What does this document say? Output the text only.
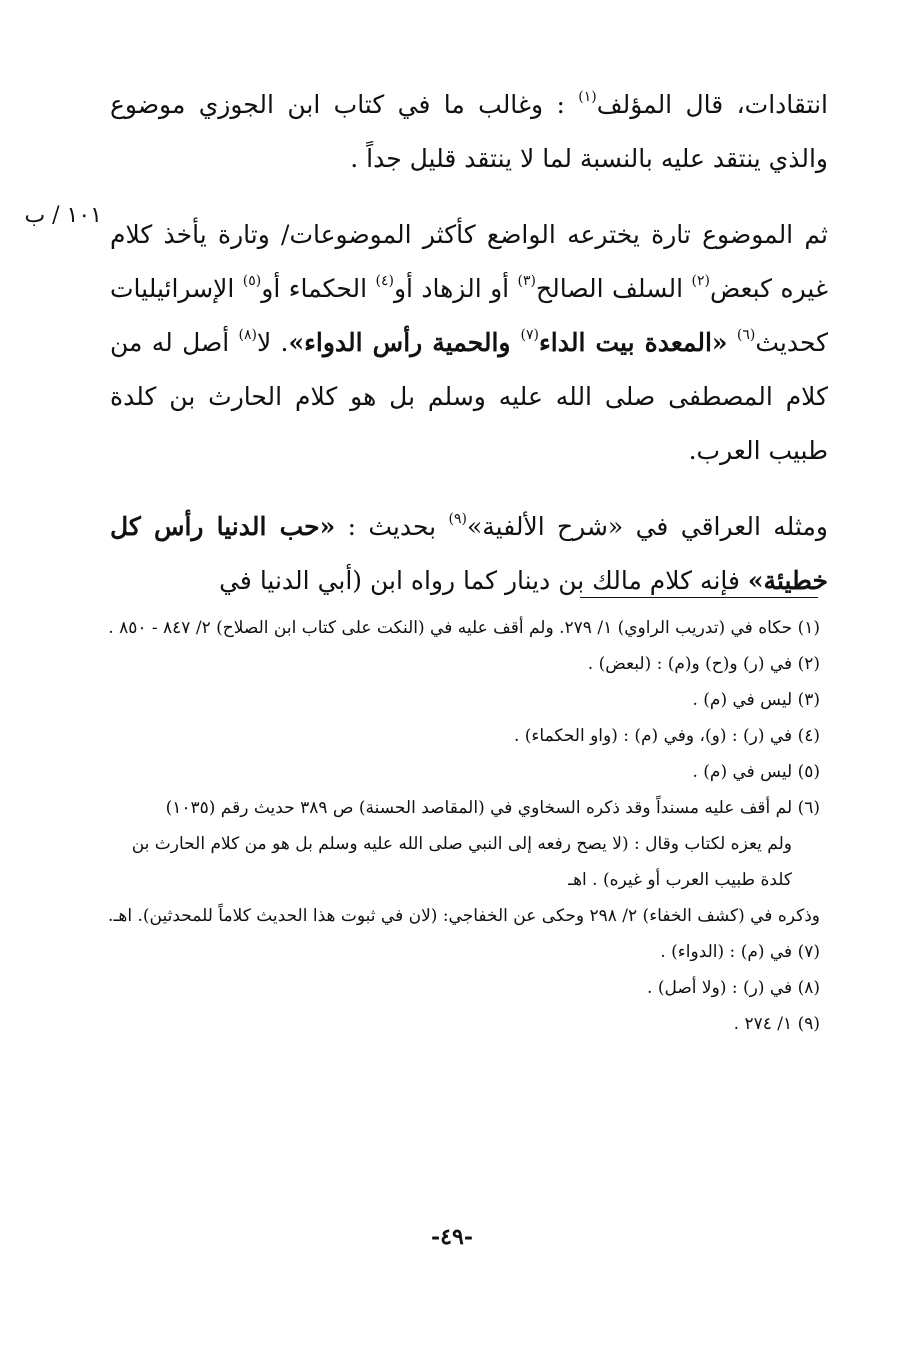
١٠١ / ب

انتقادات، قال المؤلف$^{(١)}$ : وغالب ما في كتاب ابن الجوزي موضوع والذي ينتقد عليه بالنسبة لما لا ينتقد قليل جداً .

ثم الموضوع تارة يخترعه الواضع كأكثر الموضوعات/ وتارة يأخذ كلام غيره كبعض$^{(٢)}$ السلف الصالح$^{(٣)}$ أو الزهاد أو$^{(٤)}$ الحكماء أو$^{(٥)}$ الإسرائيليات كحديث$^{(٦)}$ «المعدة بيت الداء$^{(٧)}$ والحمية رأس الدواء». لا$^{(٨)}$ أصل له من كلام المصطفى صلى الله عليه وسلم بل هو كلام الحارث بن كلدة طبيب العرب.

ومثله العراقي في «شرح الألفية»$^{(٩)}$ بحديث : «حب الدنيا رأس كل خطيئة» فإنه كلام مالك بن دينار كما رواه ابن (أبي الدنيا في

(١) حكاه في (تدريب الراوي) ١/ ٢٧٩. ولم أقف عليه في (النكت على كتاب ابن الصلاح) ٢/ ٨٤٧ - ٨٥٠ .
(٢) في (ر) و(ح) و(م) : (لبعض) .
(٣) ليس في (م) .
(٤) في (ر) : (و)، وفي (م) : (واو الحكماء) .
(٥) ليس في (م) .
(٦) لم أقف عليه مسنداً وقد ذكره السخاوي في (المقاصد الحسنة) ص ٣٨٩ حديث رقم (١٠٣٥)
ولم يعزه لكتاب وقال : (لا يصح رفعه إلى النبي صلى الله عليه وسلم بل هو من كلام الحارث بن كلدة طبيب العرب أو غيره) . اهـ
وذكره في (كشف الخفاء) ٢/ ٢٩٨ وحكى عن الخفاجي: (لان في ثبوت هذا الحديث كلاماً للمحدثين). اهـ.
(٧) في (م) : (الدواء) .
(٨) في (ر) : (ولا أصل) .
(٩) ١/ ٢٧٤ .
-٤٩-
